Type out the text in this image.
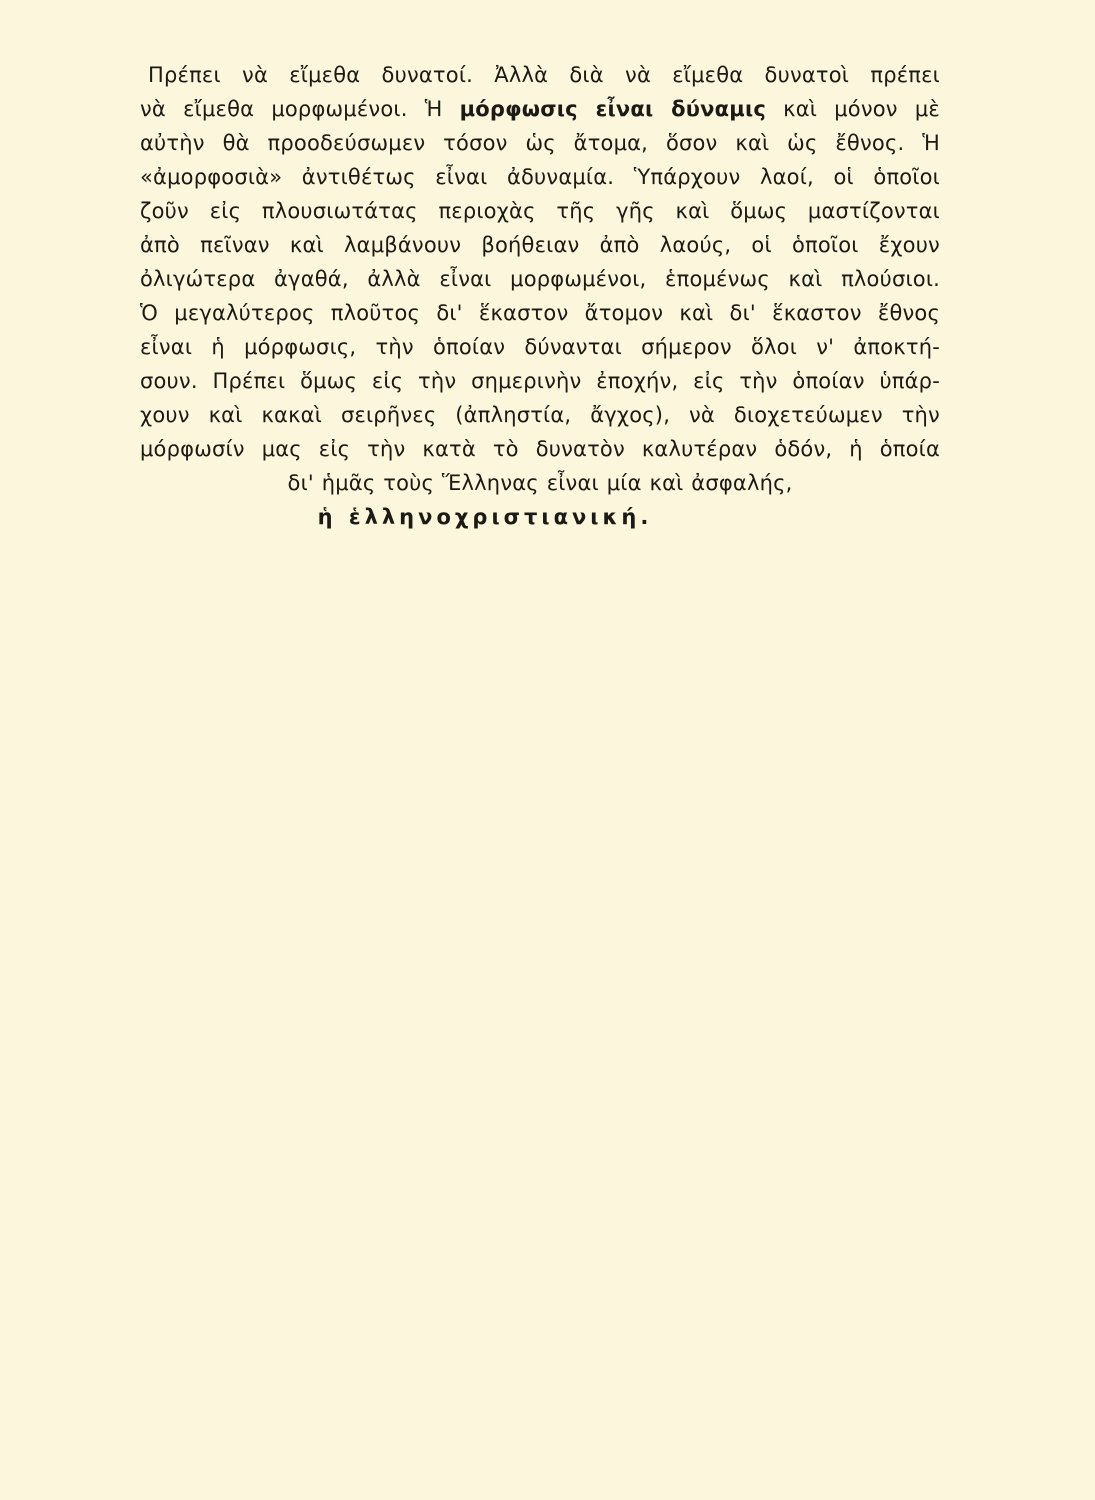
Πρέπει νὰ εἴμεθα δυνατοί. Ἀλλὰ διὰ νὰ εἴμεθα δυνατοὶ πρέπει
νὰ εἴμεθα μορφωμένοι. Ἡ μόρφωσις εἶναι δύναμις καὶ μόνον μὲ
αὐτὴν θὰ προοδεύσωμεν τόσον ὡς ἄτομα, ὅσον καὶ ὡς ἔθνος. Ἡ
«ἀμορφοσιὰ» ἀντιθέτως εἶναι ἀδυναμία. Ὑπάρχουν λαοί, οἱ ὁποῖοι
ζοῦν εἰς πλουσιωτάτας περιοχὰς τῆς γῆς καὶ ὅμως μαστίζονται
ἀπὸ πεῖναν καὶ λαμβάνουν βοήθειαν ἀπὸ λαούς, οἱ ὁποῖοι ἔχουν
ὀλιγώτερα ἀγαθά, ἀλλὰ εἶναι μορφωμένοι, ἑπομένως καὶ πλούσιοι.
Ὁ μεγαλύτερος πλοῦτος δι' ἕκαστον ἄτομον καὶ δι' ἕκαστον ἔθνος
εἶναι ἡ μόρφωσις, τὴν ὁποίαν δύνανται σήμερον ὅλοι ν' ἀποκτή-
σουν. Πρέπει ὅμως εἰς τὴν σημερινὴν ἐποχήν, εἰς τὴν ὁποίαν ὑπάρ-
χουν καὶ κακαὶ σειρῆνες (ἀπληστία, ἄγχος), νὰ διοχετεύωμεν τὴν
μόρφωσίν μας εἰς τὴν κατὰ τὸ δυνατὸν καλυτέραν ὁδόν, ἡ ὁποία
δι' ἡμᾶς τοὺς Ἕλληνας εἶναι μία καὶ ἀσφαλής,
ἡ ἑλληνοχριστιανική.
